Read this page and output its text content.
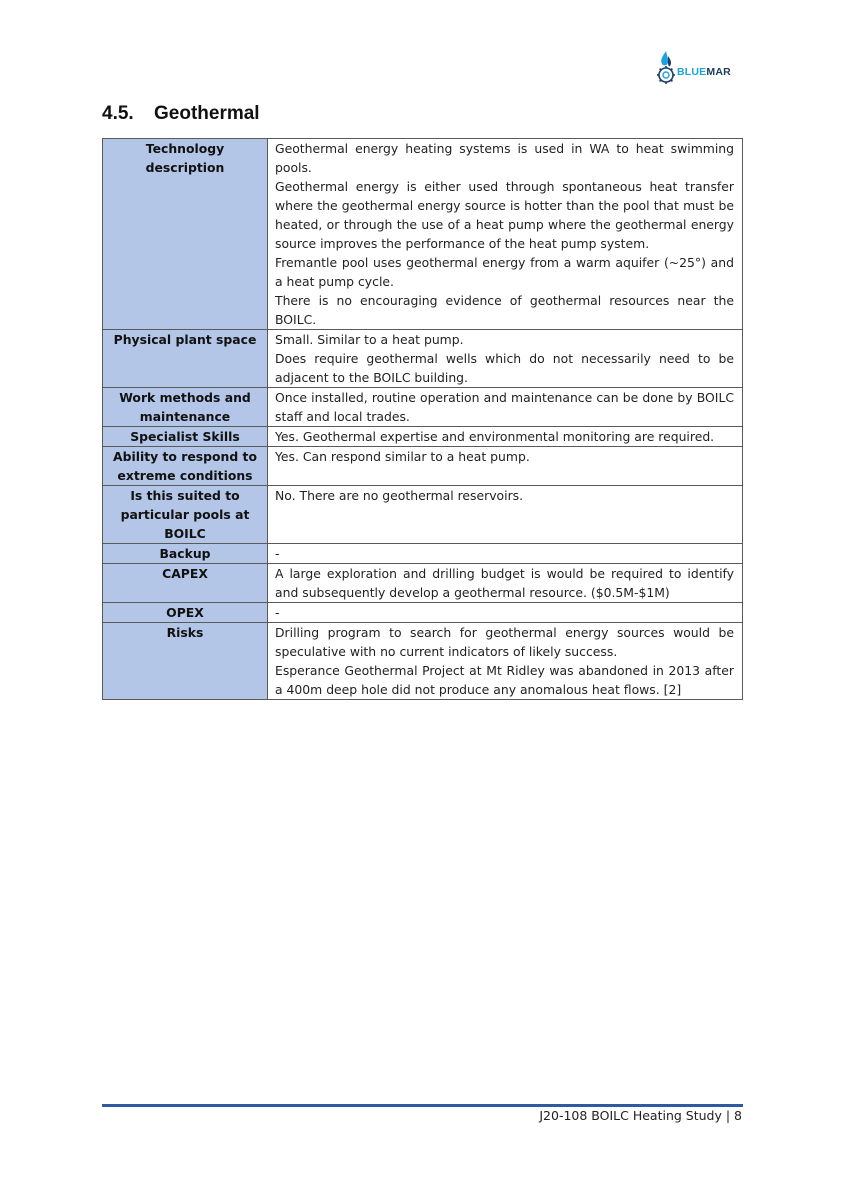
BLUEMAR
4.5. Geothermal
Technology description	Geothermal energy heating systems is used in WA to heat swimming pools.

Geothermal energy is either used through spontaneous heat transfer where the geothermal energy source is hotter than the pool that must be heated, or through the use of a heat pump where the geothermal energy source improves the performance of the heat pump system.

Fremantle pool uses geothermal energy from a warm aquifer (~25°) and a heat pump cycle.

There is no encouraging evidence of geothermal resources near the BOILC.

Physical plant space	Small. Similar to a heat pump.

Does require geothermal wells which do not necessarily need to be adjacent to the BOILC building.

Work methods and maintenance	Once installed, routine operation and maintenance can be done by BOILC staff and local trades.

Specialist Skills	Yes. Geothermal expertise and environmental monitoring are required.

Ability to respond to extreme conditions	Yes. Can respond similar to a heat pump.

Is this suited to particular pools at BOILC	No. There are no geothermal reservoirs.

Backup	-

CAPEX	A large exploration and drilling budget is would be required to identify and subsequently develop a geothermal resource. ($0.5M-$1M)

OPEX	-

Risks	Drilling program to search for geothermal energy sources would be speculative with no current indicators of likely success.

Esperance Geothermal Project at Mt Ridley was abandoned in 2013 after a 400m deep hole did not produce any anomalous heat flows. [2]

J20-108 BOILC Heating Study | 8
